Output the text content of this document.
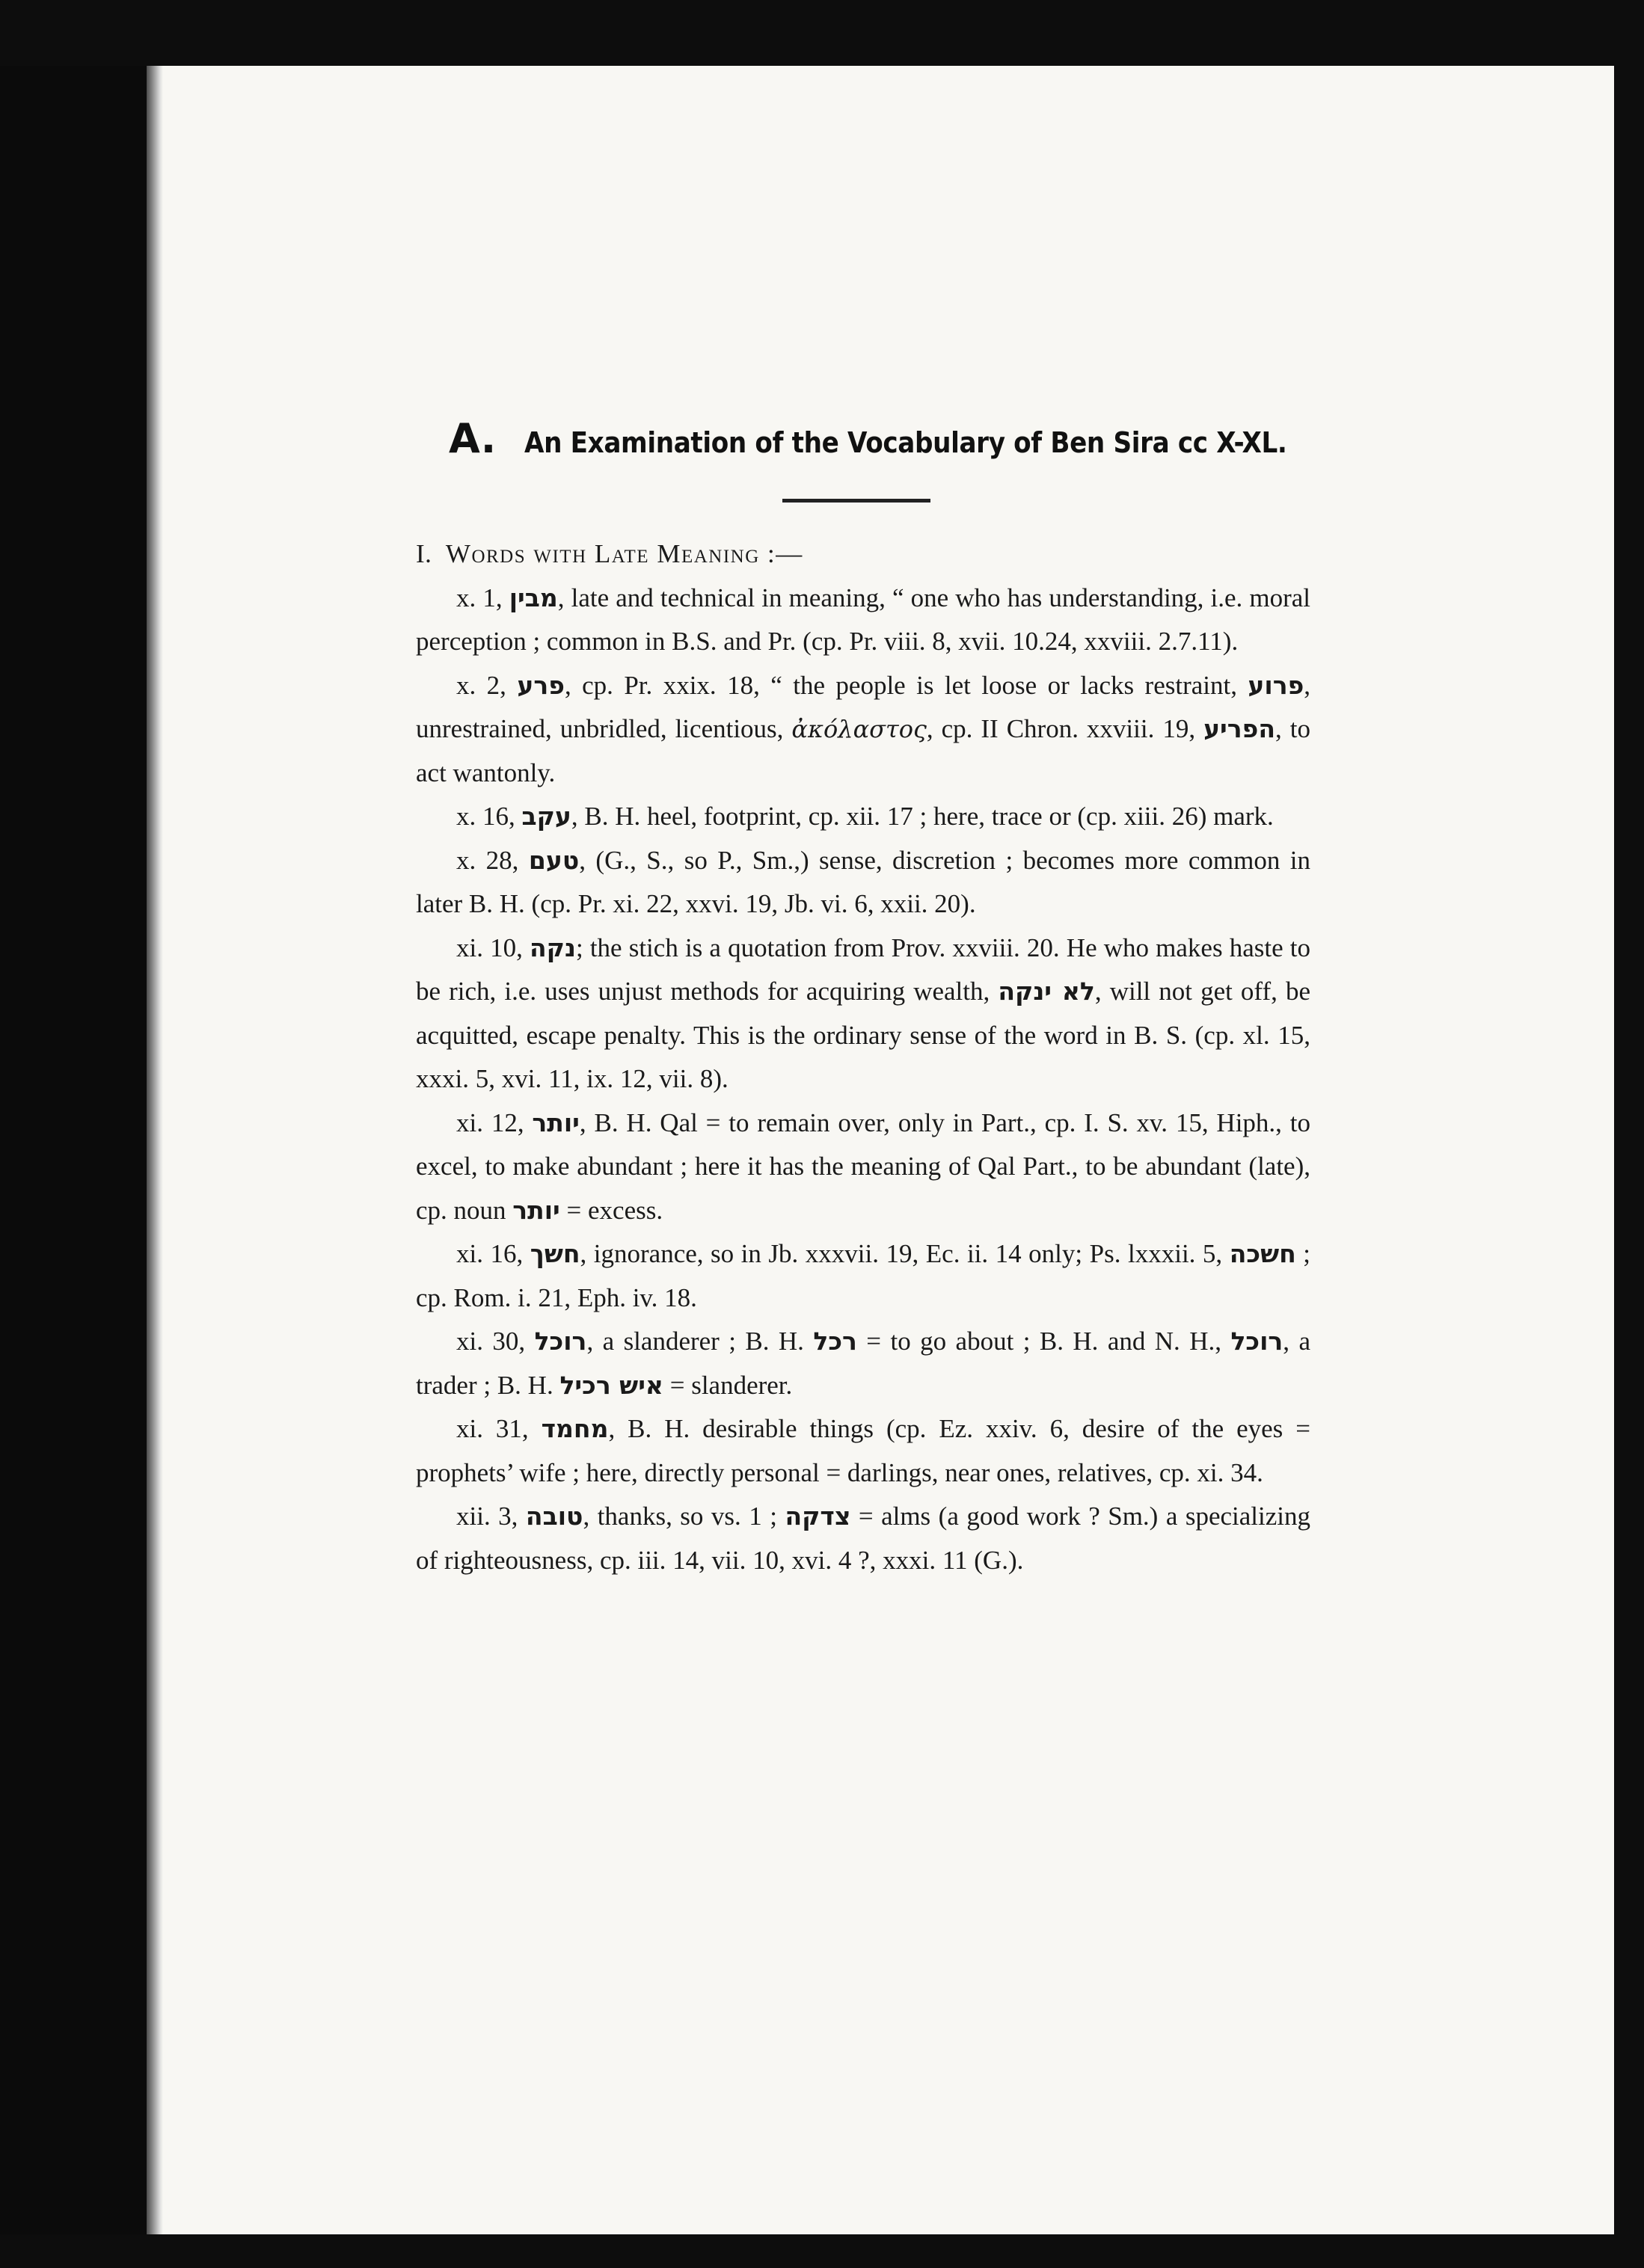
A. An Examination of the Vocabulary of Ben Sira cc X-XL.

I. Words with Late Meaning :—

x. 1, מבין, late and technical in meaning, “ one who has understanding, i.e. moral perception ; common in B.S. and Pr. (cp. Pr. viii. 8, xvii. 10.24, xxviii. 2.7.11).

x. 2, פרע, cp. Pr. xxix. 18, “ the people is let loose or lacks restraint, פרוע, unrestrained, unbridled, licentious, ἀκόλαστος, cp. II Chron. xxviii. 19, הפריע, to act wantonly.

x. 16, עקב, B. H. heel, footprint, cp. xii. 17 ; here, trace or (cp. xiii. 26) mark.

x. 28, טעם, (G., S., so P., Sm.,) sense, discretion ; becomes more common in later B. H. (cp. Pr. xi. 22, xxvi. 19, Jb. vi. 6, xxii. 20).

xi. 10, נקה; the stich is a quotation from Prov. xxviii. 20. He who makes haste to be rich, i.e. uses unjust methods for acquiring wealth, לא ינקה, will not get off, be acquitted, escape penalty. This is the ordinary sense of the word in B. S. (cp. xl. 15, xxxi. 5, xvi. 11, ix. 12, vii. 8).

xi. 12, יותר, B. H. Qal = to remain over, only in Part., cp. I. S. xv. 15, Hiph., to excel, to make abundant ; here it has the meaning of Qal Part., to be abundant (late), cp. noun יותר = excess.

xi. 16, חשך, ignorance, so in Jb. xxxvii. 19, Ec. ii. 14 only; Ps. lxxxii. 5, חשכה ; cp. Rom. i. 21, Eph. iv. 18.

xi. 30, רוכל, a slanderer ; B. H. רכל = to go about ; B. H. and N. H., רוכל, a trader ; B. H. איש רכיל = slanderer.

xi. 31, מחמד, B. H. desirable things (cp. Ez. xxiv. 6, desire of the eyes = prophets’ wife ; here, directly personal = darlings, near ones, relatives, cp. xi. 34.

xii. 3, טובה, thanks, so vs. 1 ; צדקה = alms (a good work ? Sm.) a specializing of righteousness, cp. iii. 14, vii. 10, xvi. 4 ?, xxxi. 11 (G.).
